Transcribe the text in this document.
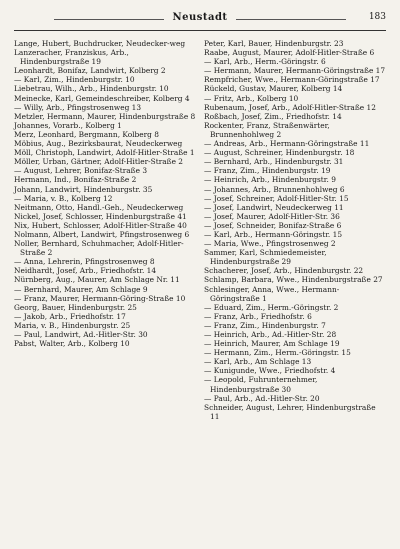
Neustadt	183

Lange, Hubert, Buchdrucker, Neudecker-weg

Lanzeracher, Franziskus, Arb., Hindenburgstraße 19

Leonhardt, Bonifaz, Landwirt, Kolberg 2

— Karl, Zim., Hindenburgstr. 10

Liebetrau, Wilh., Arb., Hindenburgstr. 10

Meinecke, Karl, Gemeindeschreiber, Kolberg 4

— Willy, Arb., Pfingstrosenweg 13

Metzler, Hermann, Maurer, Hindenburgstraße 8

Johannes, Vorarb., Kolberg 1

Merz, Leonhard, Bergmann, Kolberg 8

Möbius, Aug., Bezirksbaurat, Neudeckerweg

Möll, Christoph, Landwirt, Adolf-Hitler-Straße 1

Möller, Urban, Gärtner, Adolf-Hitler-Straße 2

— August, Lehrer, Bonifaz-Straße 3

Hermann, Ind., Bonifaz-Straße 2

Johann, Landwirt, Hindenburgstr. 35

— Maria, v. B., Kolberg 12

Neitmann, Otto, Handl.-Geh., Neudeckerweg

Nickel, Josef, Schlosser, Hindenburgstraße 41

Nix, Hubert, Schlosser, Adolf-Hitler-Straße 40

Nolmann, Albert, Landwirt, Pfingstrosenweg 6

Noller, Bernhard, Schuhmacher, Adolf-Hitler-Straße 2

— Anna, Lehrerin, Pfingstrosenweg 8

Neidhardt, Josef, Arb., Friedhofstr. 14

Nürnberg, Aug., Maurer, Am Schlage Nr. 11

— Bernhard, Maurer, Am Schlage 9

— Franz, Maurer, Hermann-Göring-Straße 10

Georg, Bauer, Hindenburgstr. 25

— Jakob, Arb., Friedhofstr. 17

Maria, v. B., Hindenburgstr. 25

— Paul, Landwirt, Ad.-Hitler-Str. 30

Pabst, Walter, Arb., Kolberg 10

Peter, Karl, Bauer, Hindenburgstr. 23

Raabe, August, Maurer, Adolf-Hitler-Straße 6

— Karl, Arb., Herm.-Göringstr. 6

— Hermann, Maurer, Hermann-Göringstraße 17

Rempfricher, Wwe., Hermann-Göringstraße 17

Rückeld, Gustav, Maurer, Kolberg 14

— Fritz, Arb., Kolberg 10

Rubenaum, Josef, Arb., Adolf-Hitler-Straße 12

Roßbach, Josef, Zim., Friedhofstr. 14

Rockenter, Franz, Straßenwärter, Brunnenhohlweg 2

— Andreas, Arb., Hermann-Göringstraße 11

— August, Schreiner, Hindenburgstr. 18

— Bernhard, Arb., Hindenburgstr. 31

— Franz, Zim., Hindenburgstr. 19

— Heinrich, Arb., Hindenburgstr. 9

— Johannes, Arb., Brunnenhohlweg 6

— Josef, Schreiner, Adolf-Hitler-Str. 15

— Josef, Landwirt, Neudeckerweg 11

— Josef, Maurer, Adolf-Hitler-Str. 36

— Josef, Schneider, Bonifaz-Straße 6

— Karl, Arb., Hermann-Göringstr. 15

— Maria, Wwe., Pfingstrosenweg 2

Sammer, Karl, Schmiedemeister, Hindenburgstraße 29

Schacherer, Josef, Arb., Hindenburgstr. 22

Schlamp, Barbara, Wwe., Hindenburgstraße 27

Schlesinger, Anna, Wwe., Hermann-Göringstraße 1

— Eduard, Zim., Herm.-Göringstr. 2

— Franz, Arb., Friedhofstr. 6

— Franz, Zim., Hindenburgstr. 7

— Heinrich, Arb., Ad.-Hitler-Str. 28

— Heinrich, Maurer, Am Schlage 19

— Hermann, Zim., Herm.-Göringstr. 15

— Karl, Arb., Am Schlage 13

— Kunigunde, Wwe., Friedhofstr. 4

— Leopold, Fuhrunternehmer, Hindenburgstraße 30

— Paul, Arb., Ad.-Hitler-Str. 20

Schneider, August, Lehrer, Hindenburgstraße 11
